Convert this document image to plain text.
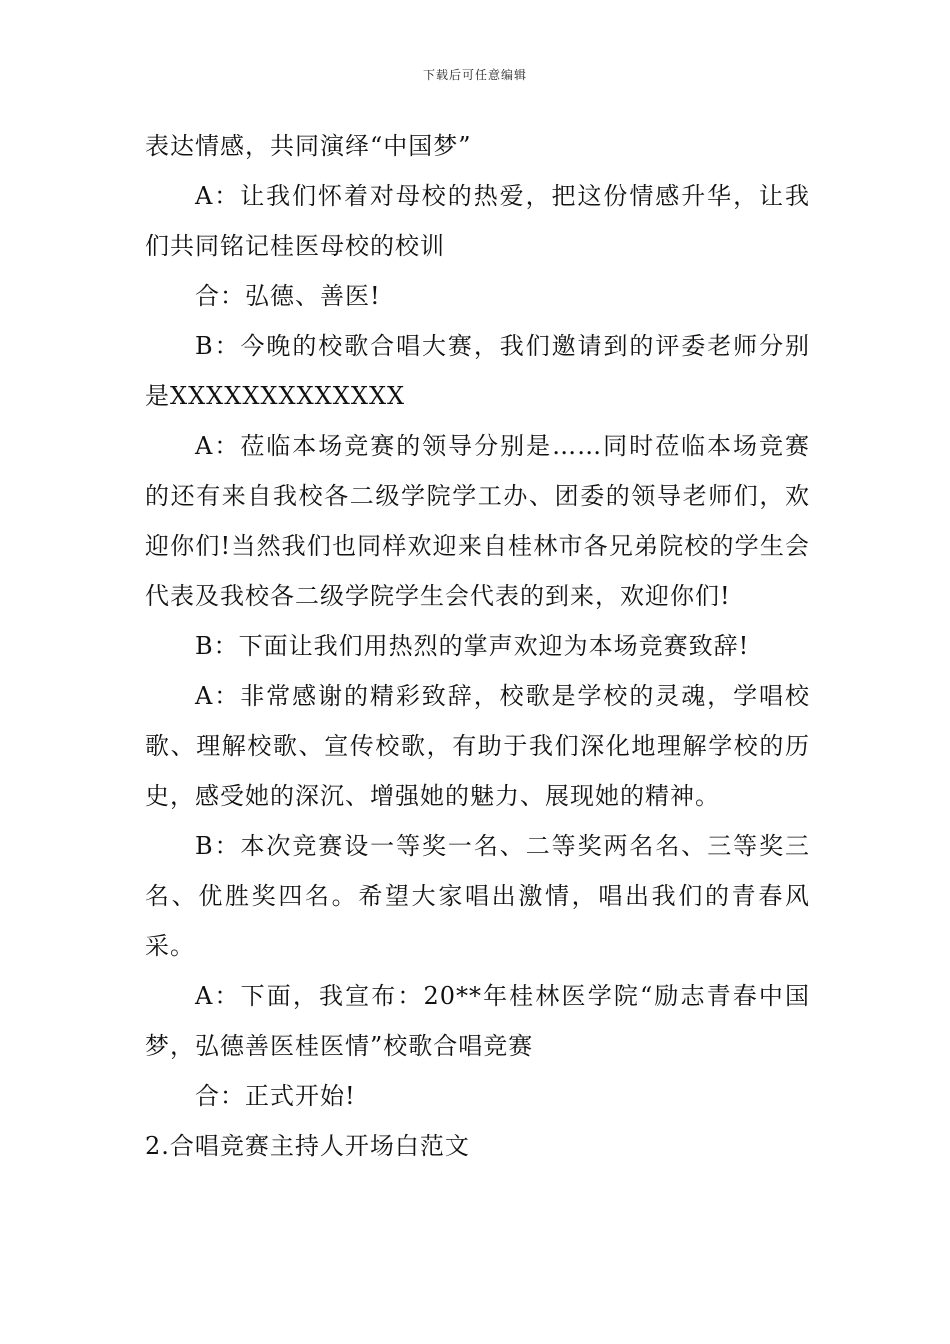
下载后可任意编辑

表达情感，共同演绎“中国梦”

A：让我们怀着对母校的热爱，把这份情感升华，让我们共同铭记桂医母校的校训

合：弘德、善医!

B：今晚的校歌合唱大赛，我们邀请到的评委老师分别是XXXXXXXXXXXXX

A：莅临本场竞赛的领导分别是……同时莅临本场竞赛的还有来自我校各二级学院学工办、团委的领导老师们，欢迎你们!当然我们也同样欢迎来自桂林市各兄弟院校的学生会代表及我校各二级学院学生会代表的到来，欢迎你们!

B：下面让我们用热烈的掌声欢迎为本场竞赛致辞!

A：非常感谢的精彩致辞，校歌是学校的灵魂，学唱校歌、理解校歌、宣传校歌，有助于我们深化地理解学校的历史，感受她的深沉、增强她的魅力、展现她的精神。

B：本次竞赛设一等奖一名、二等奖两名名、三等奖三名、优胜奖四名。希望大家唱出激情，唱出我们的青春风采。

A：下面，我宣布：20**年桂林医学院“励志青春中国梦，弘德善医桂医情”校歌合唱竞赛

合：正式开始!

2.合唱竞赛主持人开场白范文
